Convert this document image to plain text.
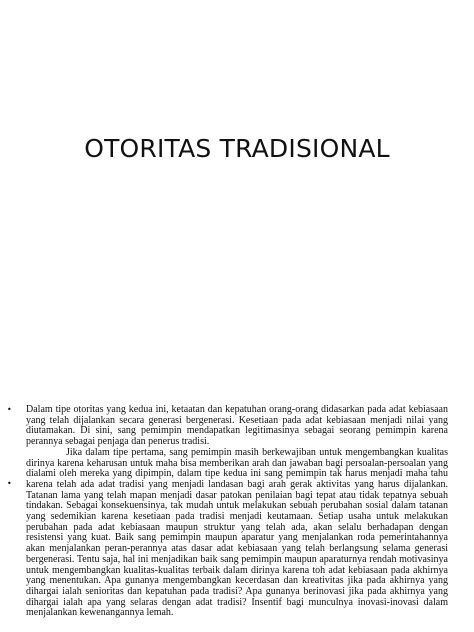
OTORITAS TRADISIONAL
•
•

Dalam tipe otoritas yang kedua ini, ketaatan dan kepatuhan orang-orang didasarkan pada adat kebiasaan yang telah dijalankan secara generasi bergenerasi. Kesetiaan pada adat kebiasaan menjadi nilai yang diutamakan. Di sini, sang pemimpin mendapatkan legitimasinya sebagai seorang pemimpin karena perannya sebagai penjaga dan penerus tradisi.

Jika dalam tipe pertama, sang pemimpin masih berkewajiban untuk mengembangkan kualitas dirinya karena keharusan untuk maha bisa memberikan arah dan jawaban bagi persoalan-persoalan yang dialami oleh mereka yang dipimpin, dalam tipe kedua ini sang pemimpin tak harus menjadi maha tahu karena telah ada adat tradisi yang menjadi landasan bagi arah gerak aktivitas yang harus dijalankan. Tatanan lama yang telah mapan menjadi dasar patokan penilaian bagi tepat atau tidak tepatnya sebuah tindakan. Sebagai konsekuensinya, tak mudah untuk melakukan sebuah perubahan sosial dalam tatanan yang sedemikian karena kesetiaan pada tradisi menjadi keutamaan. Setiap usaha untuk melakukan perubahan pada adat kebiasaan maupun struktur yang telah ada, akan selalu berhadapan dengan resistensi yang kuat. Baik sang pemimpin maupun aparatur yang menjalankan roda pemerintahannya akan menjalankan peran-perannya atas dasar adat kebiasaan yang telah berlangsung selama generasi bergenerasi. Tentu saja, hal ini menjadikan baik sang pemimpin maupun aparaturnya rendah motivasinya untuk mengembangkan kualitas-kualitas terbaik dalam dirinya karena toh adat kebiasaan pada akhirnya yang menentukan. Apa gunanya mengembangkan kecerdasan dan kreativitas jika pada akhirnya yang dihargai ialah senioritas dan kepatuhan pada tradisi? Apa gunanya berinovasi jika pada akhirnya yang dihargai ialah apa yang selaras dengan adat tradisi? Insentif bagi munculnya inovasi-inovasi dalam menjalankan kewenangannya lemah.
